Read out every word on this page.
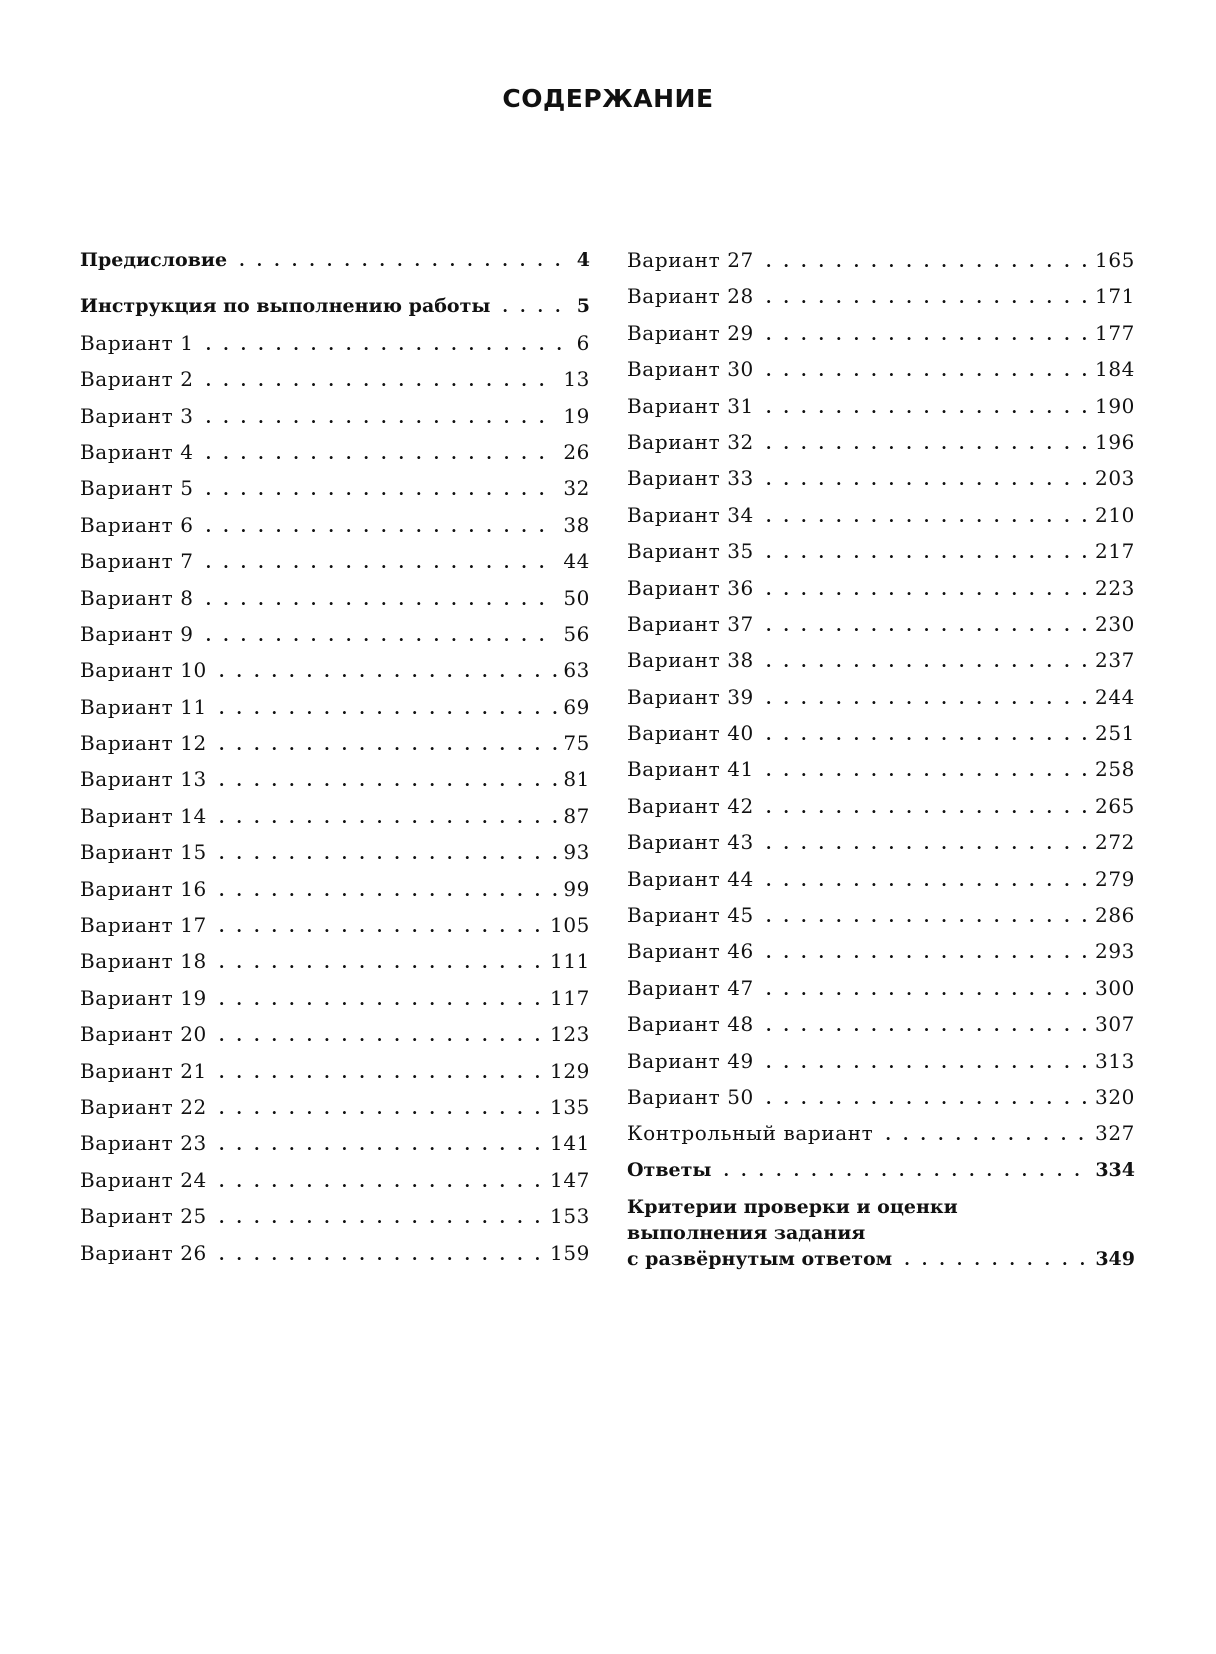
СОДЕРЖАНИЕ
Предисловие . . .	4
Инструкция по выполнению работы . . .	5
Вариант 1 . . .	6
Вариант 2 . . .	13
Вариант 3 . . .	19
Вариант 4 . . .	26
Вариант 5 . . .	32
Вариант 6 . . .	38
Вариант 7 . . .	44
Вариант 8 . . .	50
Вариант 9 . . .	56
Вариант 10 . . .	63
Вариант 11 . . .	69
Вариант 12 . . .	75
Вариант 13 . . .	81
Вариант 14 . . .	87
Вариант 15 . . .	93
Вариант 16 . . .	99
Вариант 17 . . .	105
Вариант 18 . . .	111
Вариант 19 . . .	117
Вариант 20 . . .	123
Вариант 21 . . .	129
Вариант 22 . . .	135
Вариант 23 . . .	141
Вариант 24 . . .	147
Вариант 25 . . .	153
Вариант 26 . . .	159
Вариант 27 . . .	165
Вариант 28 . . .	171
Вариант 29 . . .	177
Вариант 30 . . .	184
Вариант 31 . . .	190
Вариант 32 . . .	196
Вариант 33 . . .	203
Вариант 34 . . .	210
Вариант 35 . . .	217
Вариант 36 . . .	223
Вариант 37 . . .	230
Вариант 38 . . .	237
Вариант 39 . . .	244
Вариант 40 . . .	251
Вариант 41 . . .	258
Вариант 42 . . .	265
Вариант 43 . . .	272
Вариант 44 . . .	279
Вариант 45 . . .	286
Вариант 46 . . .	293
Вариант 47 . . .	300
Вариант 48 . . .	307
Вариант 49 . . .	313
Вариант 50 . . .	320
Контрольный вариант . . .	327
Ответы . . .	334
Критерии проверки и оценки
выполнения задания
с развёрнутым ответом . . .	349
